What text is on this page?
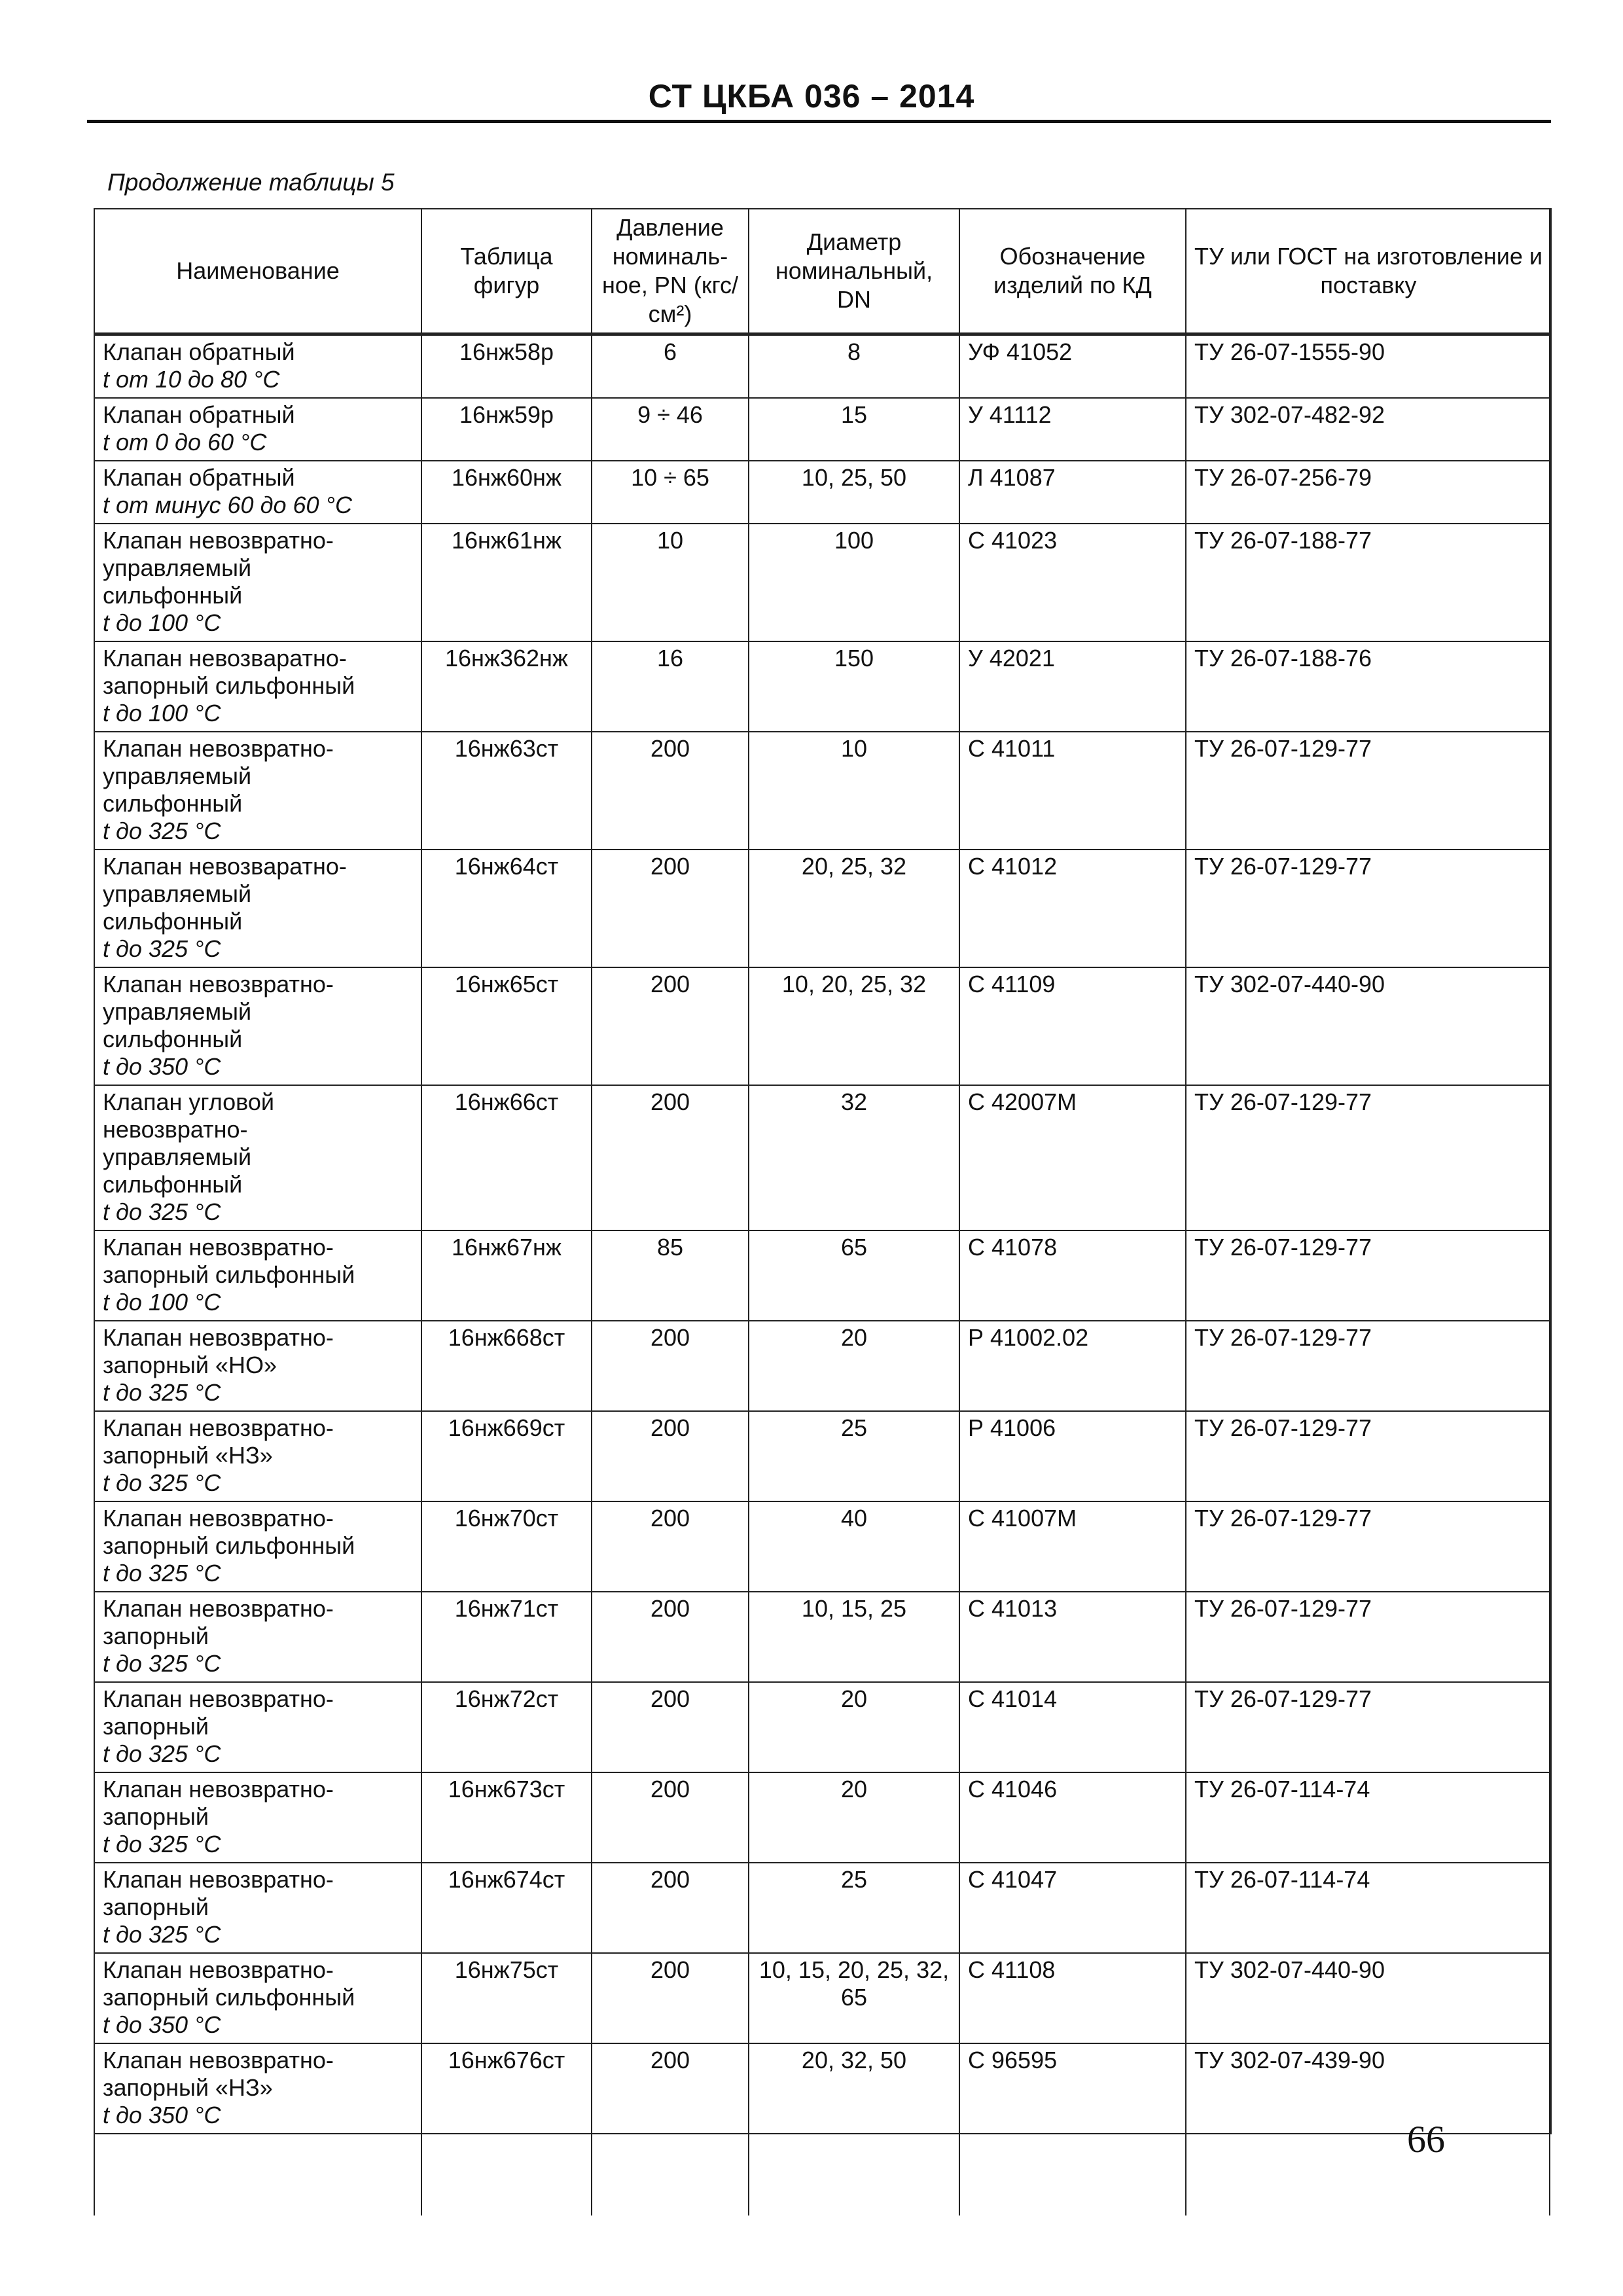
СТ ЦКБА 036 – 2014
Продолжение таблицы 5
Наименование	Таблица фигур	Давление номиналь-ное, PN (кгс/см²)	Диаметр номинальный, DN	Обозначение изделий по КД	ТУ или ГОСТ на изготовление и поставку

Клапан обратный
t от 10 до 80 °С	16нж58р	6	8	УФ 41052	ТУ 26-07-1555-90

Клапан обратный
t от 0 до 60 °С	16нж59р	9 ÷ 46	15	У 41112	ТУ 302-07-482-92

Клапан обратный
t от минус 60 до 60 °С	16нж60нж	10 ÷ 65	10, 25, 50	Л 41087	ТУ 26-07-256-79

Клапан невозвратно-
управляемый
сильфонный
t до 100 °С	16нж61нж	10	100	С 41023	ТУ 26-07-188-77

Клапан невозвaратно-
запорный сильфонный
t до 100 °С	16нж362нж	16	150	У 42021	ТУ 26-07-188-76

Клапан невозвратно-
управляемый
сильфонный
t до 325 °С	16нж63ст	200	10	С 41011	ТУ 26-07-129-77

Клапан невозвaратно-
управляемый
сильфонный
t до 325 °С	16нж64ст	200	20, 25, 32	С 41012	ТУ 26-07-129-77

Клапан невозвратно-
управляемый
сильфонный
t до 350 °С	16нж65ст	200	10, 20, 25, 32	С 41109	ТУ 302-07-440-90

Клапан угловой
невозвратно-
управляемый
сильфонный
t до 325 °С	16нж66ст	200	32	С 42007М	ТУ 26-07-129-77

Клапан невозвратно-
запорный сильфонный
t до 100 °С	16нж67нж	85	65	С 41078	ТУ 26-07-129-77

Клапан невозвратно-
запорный «НО»
t до 325 °С	16нж668ст	200	20	Р 41002.02	ТУ 26-07-129-77

Клапан невозвратно-
запорный «НЗ»
t до 325 °С	16нж669ст	200	25	Р 41006	ТУ 26-07-129-77

Клапан невозвратно-
запорный сильфонный
t до 325 °С	16нж70ст	200	40	С 41007М	ТУ 26-07-129-77

Клапан невозвратно-
запорный
t до 325 °С	16нж71ст	200	10, 15, 25	С 41013	ТУ 26-07-129-77

Клапан невозвратно-
запорный
t до 325 °С	16нж72ст	200	20	С 41014	ТУ 26-07-129-77

Клапан невозвратно-
запорный
t до 325 °С	16нж673ст	200	20	С 41046	ТУ 26-07-114-74

Клапан невозвратно-
запорный
t до 325 °С	16нж674ст	200	25	С 41047	ТУ 26-07-114-74

Клапан невозвратно-
запорный сильфонный
t до 350 °С	16нж75ст	200	10, 15, 20, 25, 32, 65	С 41108	ТУ 302-07-440-90

Клапан невозвратно-
запорный «НЗ»
t до 350 °С	16нж676ст	200	20, 32, 50	С 96595	ТУ 302-07-439-90
66
